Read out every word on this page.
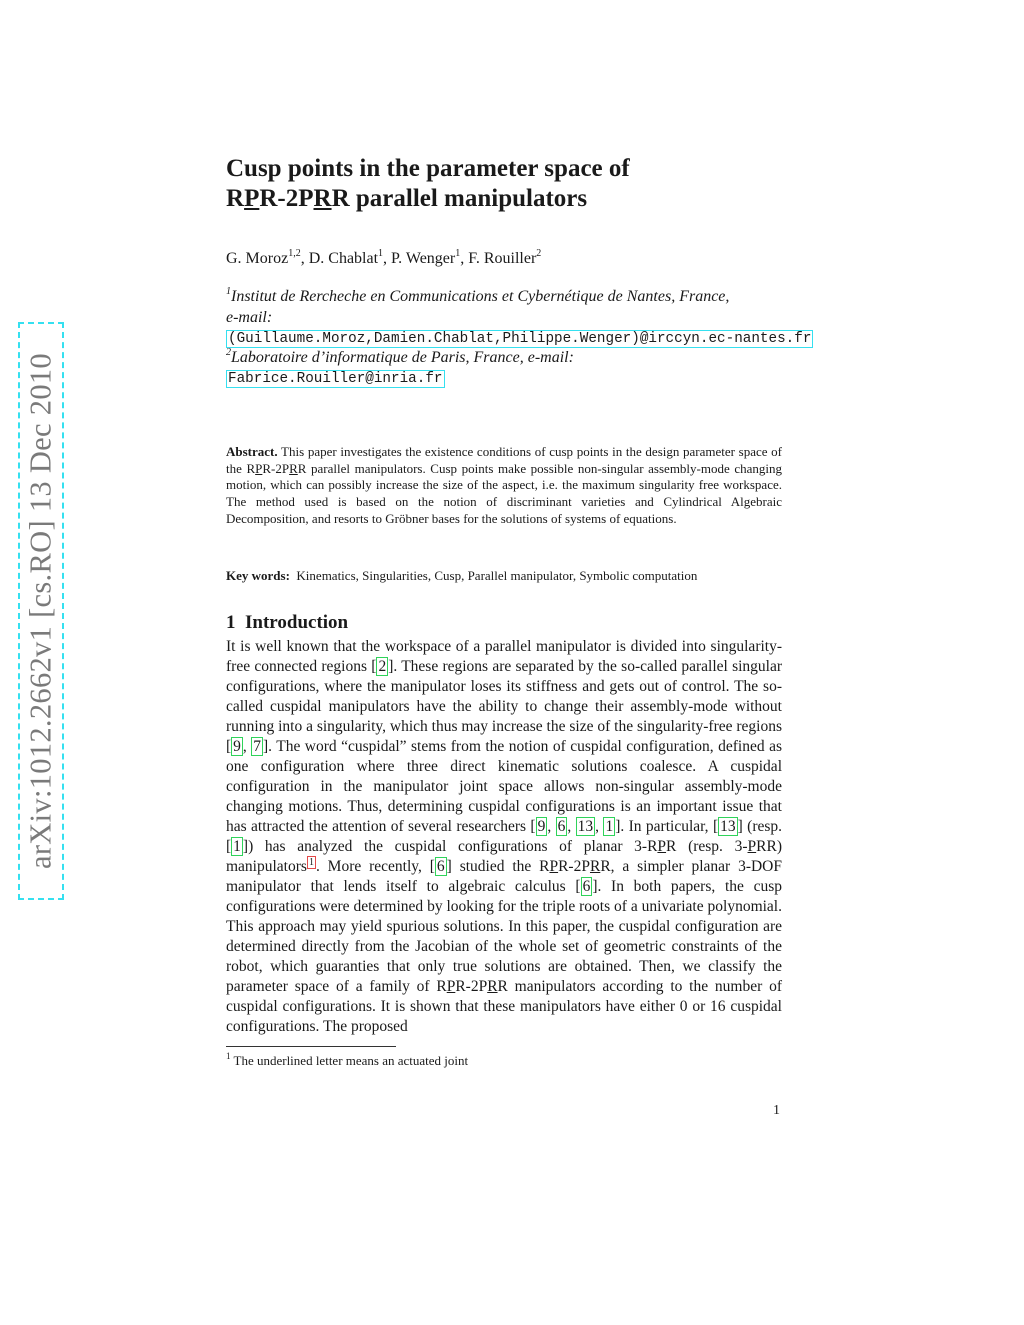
arXiv:1012.2662v1 [cs.RO] 13 Dec 2010
Cusp points in the parameter space of
RPR-2PRR parallel manipulators
G. Moroz$^{1,2}$, D. Chablat$^1$, P. Wenger$^1$, F. Rouiller$^2$
$^1$Institut de Rercheche en Communications et Cybernétique de Nantes, France,
e-mail:
(Guillaume.Moroz,Damien.Chablat,Philippe.Wenger)@irccyn.ec-nantes.fr
$^2$Laboratoire d’informatique de Paris, France, e-mail:
Fabrice.Rouiller@inria.fr
Abstract. This paper investigates the existence conditions of cusp points in the design parameter space of the RPR-2PRR parallel manipulators. Cusp points make possible non-singular assembly-mode changing motion, which can possibly increase the size of the aspect, i.e. the maximum singularity free workspace. The method used is based on the notion of discriminant varieties and Cylindrical Algebraic Decomposition, and resorts to Gröbner bases for the solutions of systems of equations.
Key words: Kinematics, Singularities, Cusp, Parallel manipulator, Symbolic computation
1 Introduction

It is well known that the workspace of a parallel manipulator is divided into singularity-free connected regions [ 2 ]. These regions are separated by the so-called parallel singular configurations, where the manipulator loses its stiffness and gets out of control. The so-called cuspidal manipulators have the ability to change their assembly-mode without running into a singularity, which thus may increase the size of the singularity-free regions [ 9 , 7 ]. The word “cuspidal” stems from the notion of cuspidal configuration, defined as one configuration where three direct kinematic solutions coalesce. A cuspidal configuration in the manipulator joint space allows non-singular assembly-mode changing motions. Thus, determining cuspidal configurations is an important issue that has attracted the attention of several researchers [ 9 , 6 , 13 , 1 ]. In particular, [ 13 ] (resp. [ 1 ]) has analyzed the cuspidal configurations of planar 3-RPR (resp. 3-PRR) manipulators $^1$ . More recently, [ 6 ] studied the RPR-2PRR, a simpler planar 3-DOF manipulator that lends itself to algebraic calculus [ 6 ]. In both papers, the cusp configurations were determined by looking for the triple roots of a univariate polynomial. This approach may yield spurious solutions. In this paper, the cuspidal configuration are determined directly from the Jacobian of the whole set of geometric constraints of the robot, which guaranties that only true solutions are obtained. Then, we classify the parameter space of a family of RPR-2PRR manipulators according to the number of cuspidal configurations. It is shown that these manipulators have either 0 or 16 cuspidal configurations. The proposed

$^1$ The underlined letter means an actuated joint
1
